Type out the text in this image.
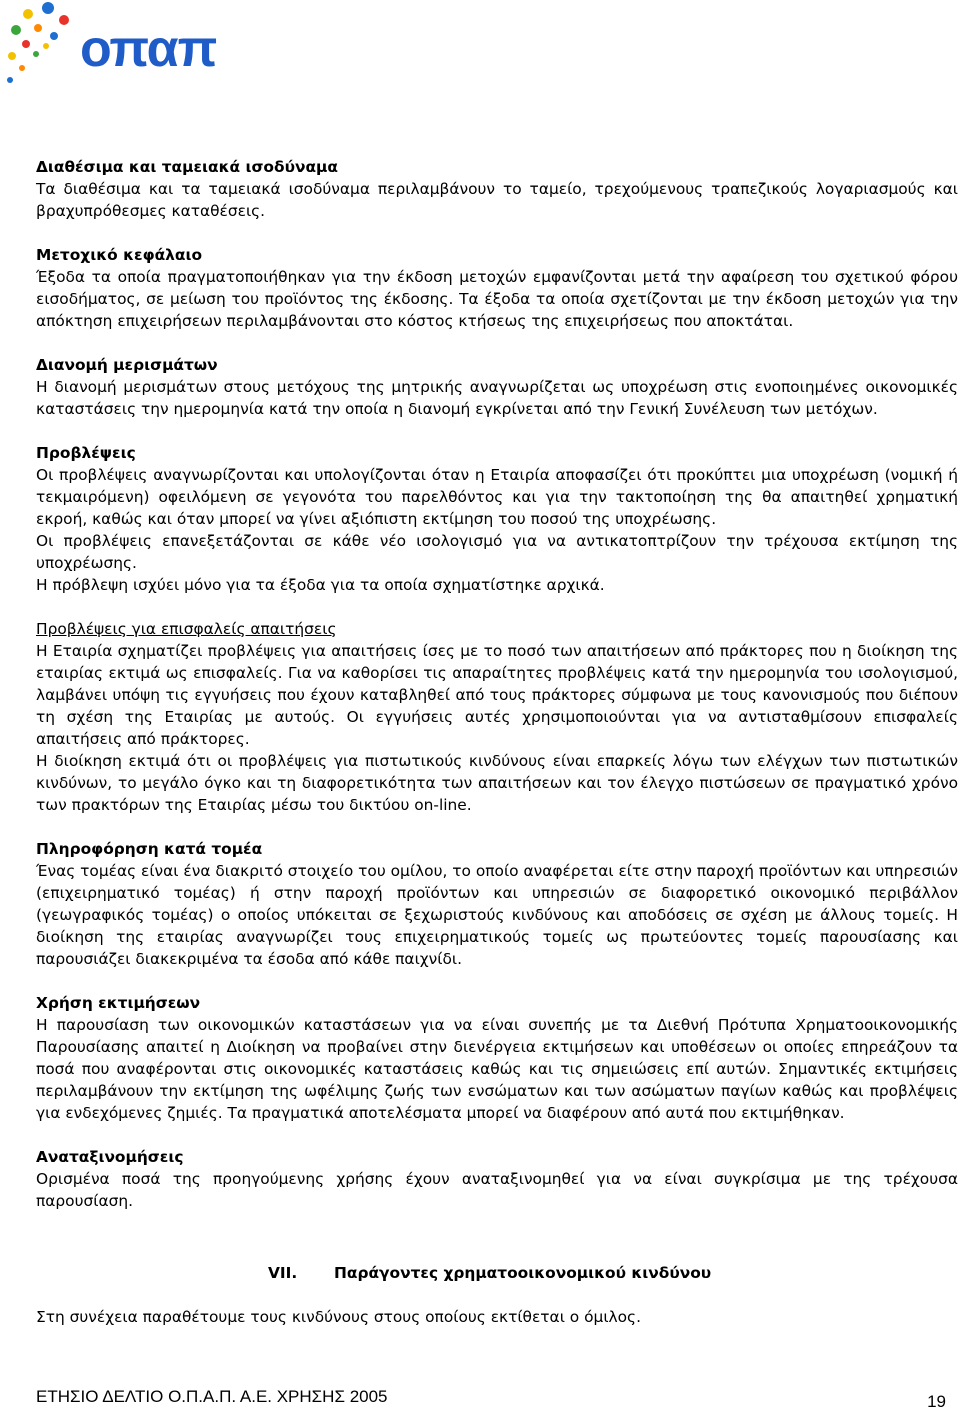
οπαπ

Διαθέσιμα και ταμειακά ισοδύναμα

Τα διαθέσιμα και τα ταμειακά ισοδύναμα περιλαμβάνουν το ταμείο, τρεχούμενους τραπεζικούς λογαριασμούς και βραχυπρόθεσμες καταθέσεις.

Μετοχικό κεφάλαιο

Έξοδα τα οποία πραγματοποιήθηκαν για την έκδοση μετοχών εμφανίζονται μετά την αφαίρεση του σχετικού φόρου εισοδήματος, σε μείωση του προϊόντος της έκδοσης. Τα έξοδα τα οποία σχετίζονται με την έκδοση μετοχών για την απόκτηση επιχειρήσεων περιλαμβάνονται στο κόστος κτήσεως της επιχειρήσεως που αποκτάται.

Διανομή μερισμάτων

Η διανομή μερισμάτων στους μετόχους της μητρικής αναγνωρίζεται ως υποχρέωση στις ενοποιημένες οικονομικές καταστάσεις την ημερομηνία κατά την οποία η διανομή εγκρίνεται από την Γενική Συνέλευση των μετόχων.

Προβλέψεις

Οι προβλέψεις αναγνωρίζονται και υπολογίζονται όταν η Εταιρία αποφασίζει ότι προκύπτει μια υποχρέωση (νομική ή τεκμαιρόμενη) οφειλόμενη σε γεγονότα του παρελθόντος και για την τακτοποίηση της θα απαιτηθεί χρηματική εκροή, καθώς και όταν μπορεί να γίνει αξιόπιστη εκτίμηση του ποσού της υποχρέωσης.

Οι προβλέψεις επανεξετάζονται σε κάθε νέο ισολογισμό για να αντικατοπτρίζουν την τρέχουσα εκτίμηση της υποχρέωσης.

Η πρόβλεψη ισχύει μόνο για τα έξοδα για τα οποία σχηματίστηκε αρχικά.

Προβλέψεις για επισφαλείς απαιτήσεις

Η Εταιρία σχηματίζει προβλέψεις για απαιτήσεις ίσες με το ποσό των απαιτήσεων από πράκτορες που η διοίκηση της εταιρίας εκτιμά ως επισφαλείς. Για να καθορίσει τις απαραίτητες προβλέψεις κατά την ημερομηνία του ισολογισμού, λαμβάνει υπόψη τις εγγυήσεις που έχουν καταβληθεί από τους πράκτορες σύμφωνα με τους κανονισμούς που διέπουν τη σχέση της Εταιρίας με αυτούς. Οι εγγυήσεις αυτές χρησιμοποιούνται για να αντισταθμίσουν επισφαλείς απαιτήσεις από πράκτορες.

Η διοίκηση εκτιμά ότι οι προβλέψεις για πιστωτικούς κινδύνους είναι επαρκείς λόγω των ελέγχων των πιστωτικών κινδύνων, το μεγάλο όγκο και τη διαφορετικότητα των απαιτήσεων και τον έλεγχο πιστώσεων σε πραγματικό χρόνο των πρακτόρων της Εταιρίας μέσω του δικτύου on-line.

Πληροφόρηση κατά τομέα

Ένας τομέας είναι ένα διακριτό στοιχείο του ομίλου, το οποίο αναφέρεται είτε στην παροχή προϊόντων και υπηρεσιών (επιχειρηματικό τομέας) ή στην παροχή προϊόντων και υπηρεσιών σε διαφορετικό οικονομικό περιβάλλον (γεωγραφικός τομέας) ο οποίος υπόκειται σε ξεχωριστούς κινδύνους και αποδόσεις σε σχέση με άλλους τομείς. Η διοίκηση της εταιρίας αναγνωρίζει τους επιχειρηματικούς τομείς ως πρωτεύοντες τομείς παρουσίασης και παρουσιάζει διακεκριμένα τα έσοδα από κάθε παιχνίδι.

Χρήση εκτιμήσεων

Η παρουσίαση των οικονομικών καταστάσεων για να είναι συνεπής με τα Διεθνή Πρότυπα Χρηματοοικονομικής Παρουσίασης απαιτεί η Διοίκηση να προβαίνει στην διενέργεια εκτιμήσεων και υποθέσεων οι οποίες επηρεάζουν τα ποσά που αναφέρονται στις οικονομικές καταστάσεις καθώς και τις σημειώσεις επί αυτών. Σημαντικές εκτιμήσεις περιλαμβάνουν την εκτίμηση της ωφέλιμης ζωής των ενσώματων και των ασώματων παγίων καθώς και προβλέψεις για ενδεχόμενες ζημιές. Τα πραγματικά αποτελέσματα μπορεί να διαφέρουν από αυτά που εκτιμήθηκαν.

Αναταξινομήσεις

Ορισμένα ποσά της προηγούμενης χρήσης έχουν αναταξινομηθεί για να είναι συγκρίσιμα με της τρέχουσα παρουσίαση.

VII. Παράγοντες χρηματοοικονομικού κινδύνου
Στη συνέχεια παραθέτουμε τους κινδύνους στους οποίους εκτίθεται ο όμιλος.
ΕΤΗΣΙΟ ΔΕΛΤΙΟ Ο.Π.Α.Π. Α.Ε. ΧΡΗΣΗΣ 2005	19
